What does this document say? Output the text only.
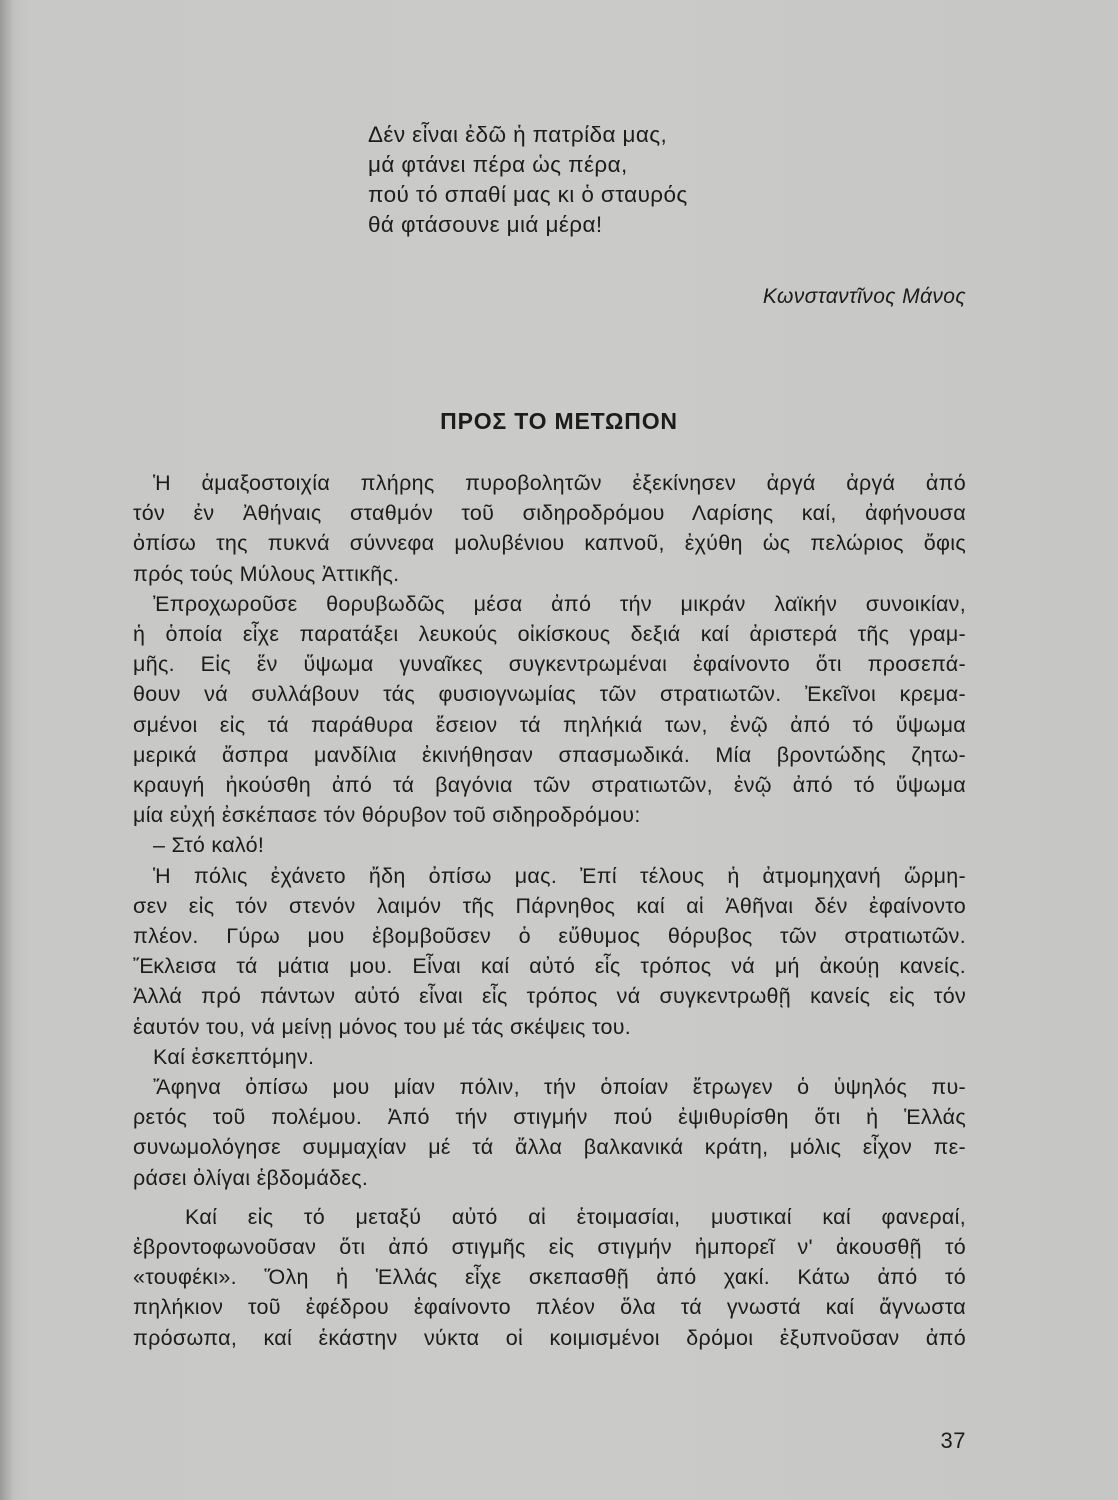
Δέν εἶναι ἐδῶ ἡ πατρίδα μας,
μά φτάνει πέρα ὡς πέρα,
πού τό σπαθί μας κι ὁ σταυρός
θά φτάσουνε μιά μέρα!
Κωνσταντῖνος Μάνος
ΠΡΟΣ ΤΟ ΜΕΤΩΠΟΝ
Ἡ ἁμαξοστοιχία πλήρης πυροβολητῶν ἐξεκίνησεν ἀργά ἀργά ἀπό
τόν ἐν Ἀθήναις σταθμόν τοῦ σιδηροδρόμου Λαρίσης καί, ἀφήνουσα
ὀπίσω της πυκνά σύννεφα μολυβένιου καπνοῦ, ἐχύθη ὡς πελώριος ὄφις
πρός τούς Μύλους Ἀττικῆς.
Ἐπροχωροῦσε θορυβωδῶς μέσα ἀπό τήν μικράν λαϊκήν συνοικίαν,
ἡ ὁποία εἶχε παρατάξει λευκούς οἰκίσκους δεξιά καί ἀριστερά τῆς γραμ-
μῆς. Εἰς ἕν ὕψωμα γυναῖκες συγκεντρωμέναι ἐφαίνοντο ὅτι προσεπά-
θουν νά συλλάβουν τάς φυσιογνωμίας τῶν στρατιωτῶν. Ἐκεῖνοι κρεμα-
σμένοι εἰς τά παράθυρα ἔσειον τά πηλήκιά των, ἐνῷ ἀπό τό ὕψωμα
μερικά ἄσπρα μανδίλια ἐκινήθησαν σπασμωδικά. Μία βροντώδης ζητω-
κραυγή ἠκούσθη ἀπό τά βαγόνια τῶν στρατιωτῶν, ἐνῷ ἀπό τό ὕψωμα
μία εὐχή ἐσκέπασε τόν θόρυβον τοῦ σιδηροδρόμου:
– Στό καλό!
Ἡ πόλις ἐχάνετο ἤδη ὀπίσω μας. Ἐπί τέλους ἡ ἀτμομηχανή ὥρμη-
σεν εἰς τόν στενόν λαιμόν τῆς Πάρνηθος καί αἱ Ἀθῆναι δέν ἐφαίνοντο
πλέον. Γύρω μου ἐβομβοῦσεν ὁ εὔθυμος θόρυβος τῶν στρατιωτῶν.
Ἔκλεισα τά μάτια μου. Εἶναι καί αὐτό εἷς τρόπος νά μή ἀκούῃ κανείς.
Ἀλλά πρό πάντων αὐτό εἶναι εἷς τρόπος νά συγκεντρωθῇ κανείς εἰς τόν
ἑαυτόν του, νά μείνῃ μόνος του μέ τάς σκέψεις του.
Καί ἐσκεπτόμην.
Ἄφηνα ὀπίσω μου μίαν πόλιν, τήν ὁποίαν ἔτρωγεν ὁ ὑψηλός πυ-
ρετός τοῦ πολέμου. Ἀπό τήν στιγμήν πού ἐψιθυρίσθη ὅτι ἡ Ἑλλάς
συνωμολόγησε συμμαχίαν μέ τά ἄλλα βαλκανικά κράτη, μόλις εἶχον πε-
ράσει ὀλίγαι ἑβδομάδες.
Καί εἰς τό μεταξύ αὐτό αἱ ἑτοιμασίαι, μυστικαί καί φανεραί,
ἐβροντοφωνοῦσαν ὅτι ἀπό στιγμῆς εἰς στιγμήν ἠμπορεῖ ν' ἀκουσθῇ τό
«τουφέκι». Ὅλη ἡ Ἑλλάς εἶχε σκεπασθῇ ἀπό χακί. Κάτω ἀπό τό
πηλήκιον τοῦ ἐφέδρου ἐφαίνοντο πλέον ὅλα τά γνωστά καί ἄγνωστα
πρόσωπα, καί ἑκάστην νύκτα οἱ κοιμισμένοι δρόμοι ἐξυπνοῦσαν ἀπό
37
